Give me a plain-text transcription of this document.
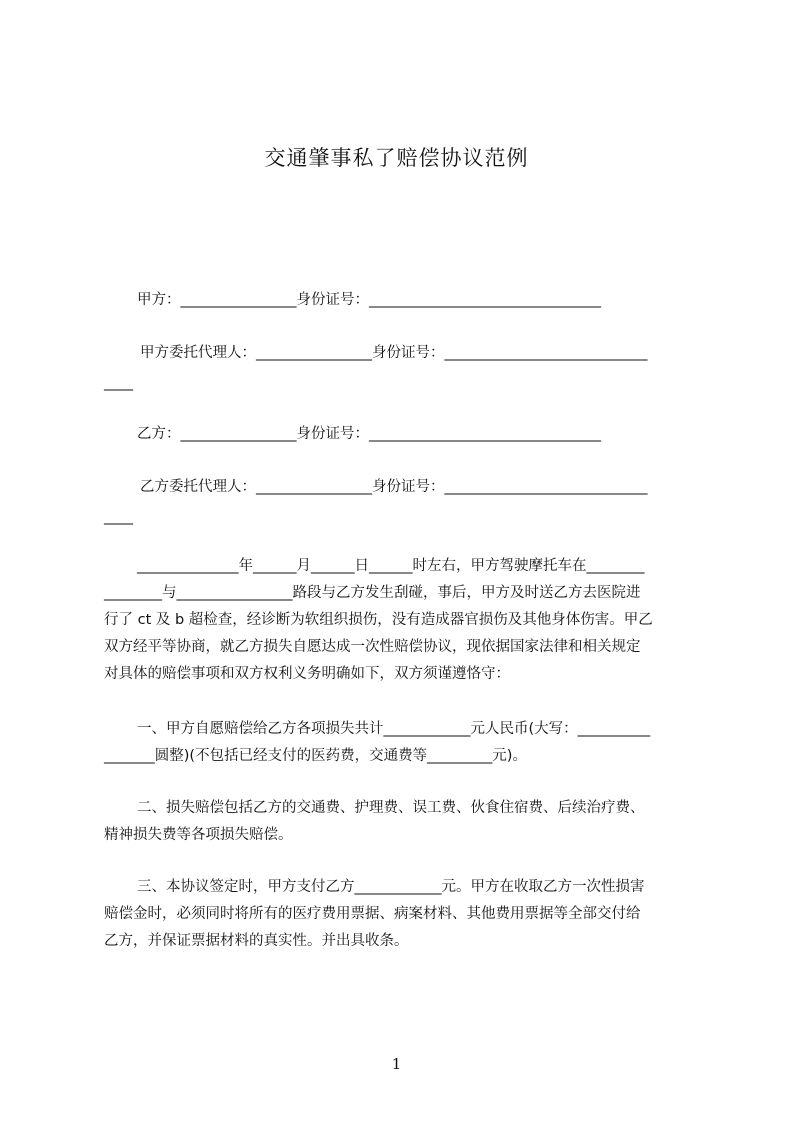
交通肇事私了赔偿协议范例
甲方：________________身份证号：________________________________
甲方委托代理人：________________身份证号：____________________________
____
乙方：________________身份证号：________________________________
乙方委托代理人：________________身份证号：____________________________
____
______________年______月______日______时左右，甲方驾驶摩托车在________
________与________________路段与乙方发生刮碰，事后，甲方及时送乙方去医院进
行了 ct 及 b 超检查，经诊断为软组织损伤，没有造成器官损伤及其他身体伤害。甲乙
双方经平等协商，就乙方损失自愿达成一次性赔偿协议，现依据国家法律和相关规定
对具体的赔偿事项和双方权利义务明确如下，双方须谨遵恪守：
一、甲方自愿赔偿给乙方各项损失共计____________元人民币(大写：__________
_______圆整)(不包括已经支付的医药费，交通费等_________元)。
二、损失赔偿包括乙方的交通费、护理费、误工费、伙食住宿费、后续治疗费、
精神损失费等各项损失赔偿。
三、本协议签定时，甲方支付乙方____________元。甲方在收取乙方一次性损害
赔偿金时，必须同时将所有的医疗费用票据、病案材料、其他费用票据等全部交付给
乙方，并保证票据材料的真实性。并出具收条。
1
